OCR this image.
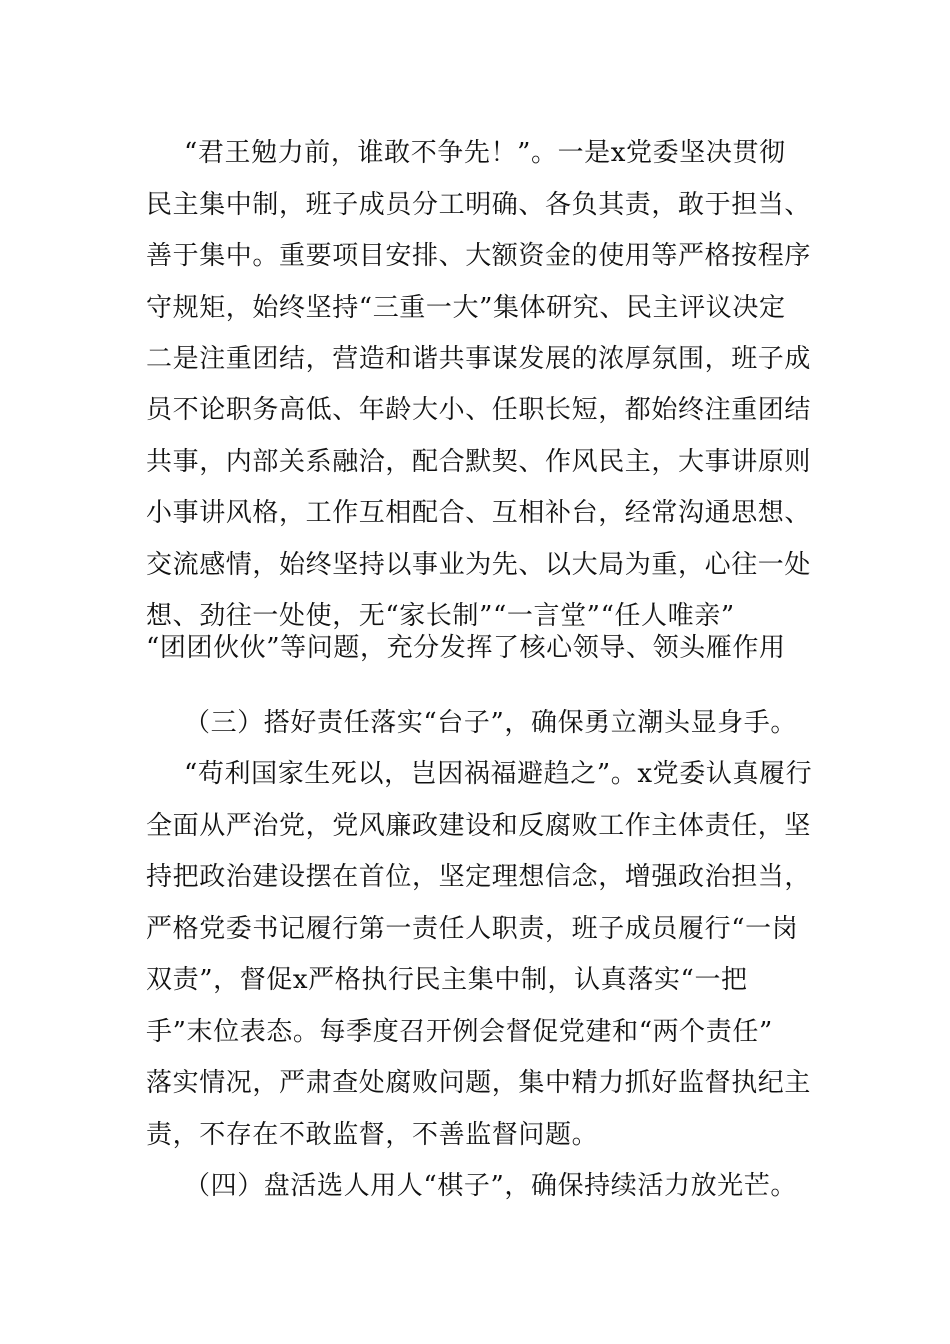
“君王勉力前，谁敢不争先！”。一是x党委坚决贯彻
民主集中制，班子成员分工明确、各负其责，敢于担当、
善于集中。重要项目安排、大额资金的使用等严格按程序
守规矩，始终坚持“三重一大”集体研究、民主评议决定
二是注重团结，营造和谐共事谋发展的浓厚氛围，班子成
员不论职务高低、年龄大小、任职长短，都始终注重团结
共事，内部关系融洽，配合默契、作风民主，大事讲原则
小事讲风格，工作互相配合、互相补台，经常沟通思想、
交流感情，始终坚持以事业为先、以大局为重，心往一处
想、劲往一处使，无“家长制”“一言堂”“任人唯亲”
“团团伙伙”等问题，充分发挥了核心领导、领头雁作用
（三）搭好责任落实“台子”，确保勇立潮头显身手。
“苟利国家生死以，岂因祸福避趋之”。x党委认真履行
全面从严治党，党风廉政建设和反腐败工作主体责任，坚
持把政治建设摆在首位，坚定理想信念，增强政治担当，
严格党委书记履行第一责任人职责，班子成员履行“一岗
双责”，督促x严格执行民主集中制，认真落实“一把
手”末位表态。每季度召开例会督促党建和“两个责任”
落实情况，严肃查处腐败问题，集中精力抓好监督执纪主
责，不存在不敢监督，不善监督问题。
（四）盘活选人用人“棋子”，确保持续活力放光芒。
